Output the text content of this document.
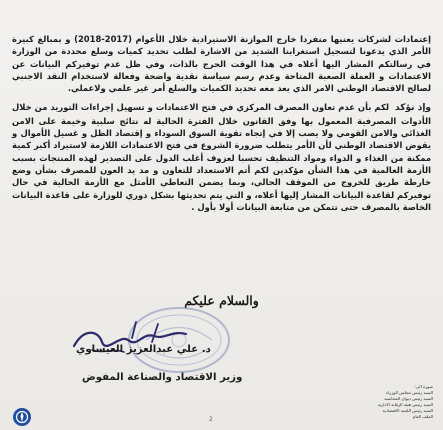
إعتمادات لشركات يعنيها منفردا خارج الموازنة الاستيرادية خلال الأعوام (2017-2018) و بمبالغ كبيرة الأمر الذي يدعونا لتسجيل استغرابنا الشديد من الاشارة لطلب تحديد كميات وسلع محددة من الوزارة في رسالتكم المشار اليها أعلاه في هذا الوقت الحرج بالذات، وفي ظل عدم توفيركم البيانات عن الاعتمادات و العملة الصعبة المتاحة وعدم رسم سياسة نقدية واضحة وفعالة لاستخدام النقد الاجنبي لصالح الاقتصاد الوطني الامر الذي يعد معه تحديد الكميات والسلع أمر غير علمي ولاعملي.

وإذ نؤكد لكم بأن عدم تعاون المصرف المركزي في فتح الاعتمادات و تسهيل إجراءات التوريد من خلال الأدوات المصرفية المعمول بها وفق القانون خلال الفترة الحالية له نتائج سلبية وخيمة على الامن الغذائي والامن القومي ولا يصب إلا في إتجاه تقوية السوق السوداء و إقتصاد الظل و غسيل الأموال و يقوض الاقتصاد الوطني لأن الأمر يتطلب ضرورة الشروع في فتح الاعتمادات اللازمة لاستيراد أكبر كمية ممكنة من الغذاء و الدواء ومواد التنظيف تحسبا لعزوف أغلب الدول على التصدير لهذه المنتجات بسبب الأزمة العالمية في هذا الشأن مؤكدين لكم أتم الاستعداد للتعاون و مد يد العون للمصرف بشأن وضع خارطة طريق للخروج من الموقف الحالي، وبما يضمن التعاطي الأمثل مع الأزمة الحالية في حال توفيركم لقاعدة البيانات المشار إليها أعلاه، و التي يتم تحديثها بشكل دوري للوزارة على قاعدة البيانات الخاصة بالمصرف حتى تتمكن من متابعة البيانات أولا بأول .

والسلام عليكم
د. علي عبدالعزيز العيساوي
وزير الاقتصاد والصناعة المفوض
صورة الى:
السيد رئيس مجلس الوزراء
السيد رئيس ديوان المحاسبة
السيد رئيس هيئة الرقابة الادارية
السيد رئيس اللجنة الاقتصادية
الملف العام
2
